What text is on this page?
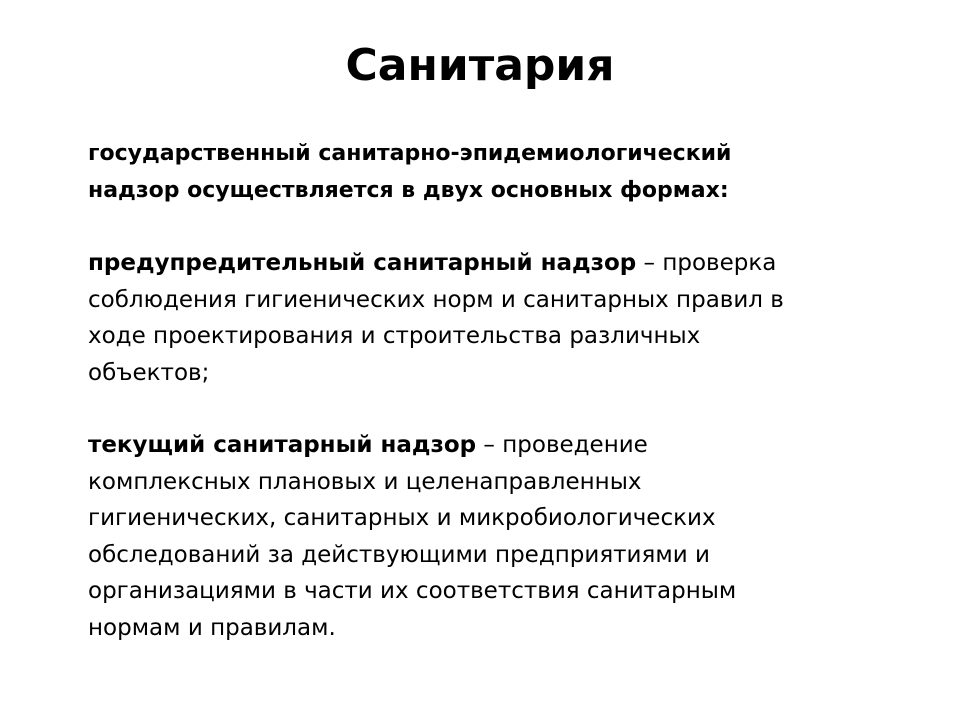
Санитария

государственный санитарно-эпидемиологический
надзор осуществляется в двух основных формах:

предупредительный санитарный надзор – проверка
соблюдения гигиенических норм и санитарных правил в
ходе проектирования и строительства различных
объектов;

текущий санитарный надзор – проведение
комплексных плановых и целенаправленных
гигиенических, санитарных и микробиологических
обследований за действующими предприятиями и
организациями в части их соответствия санитарным
нормам и правилам.
